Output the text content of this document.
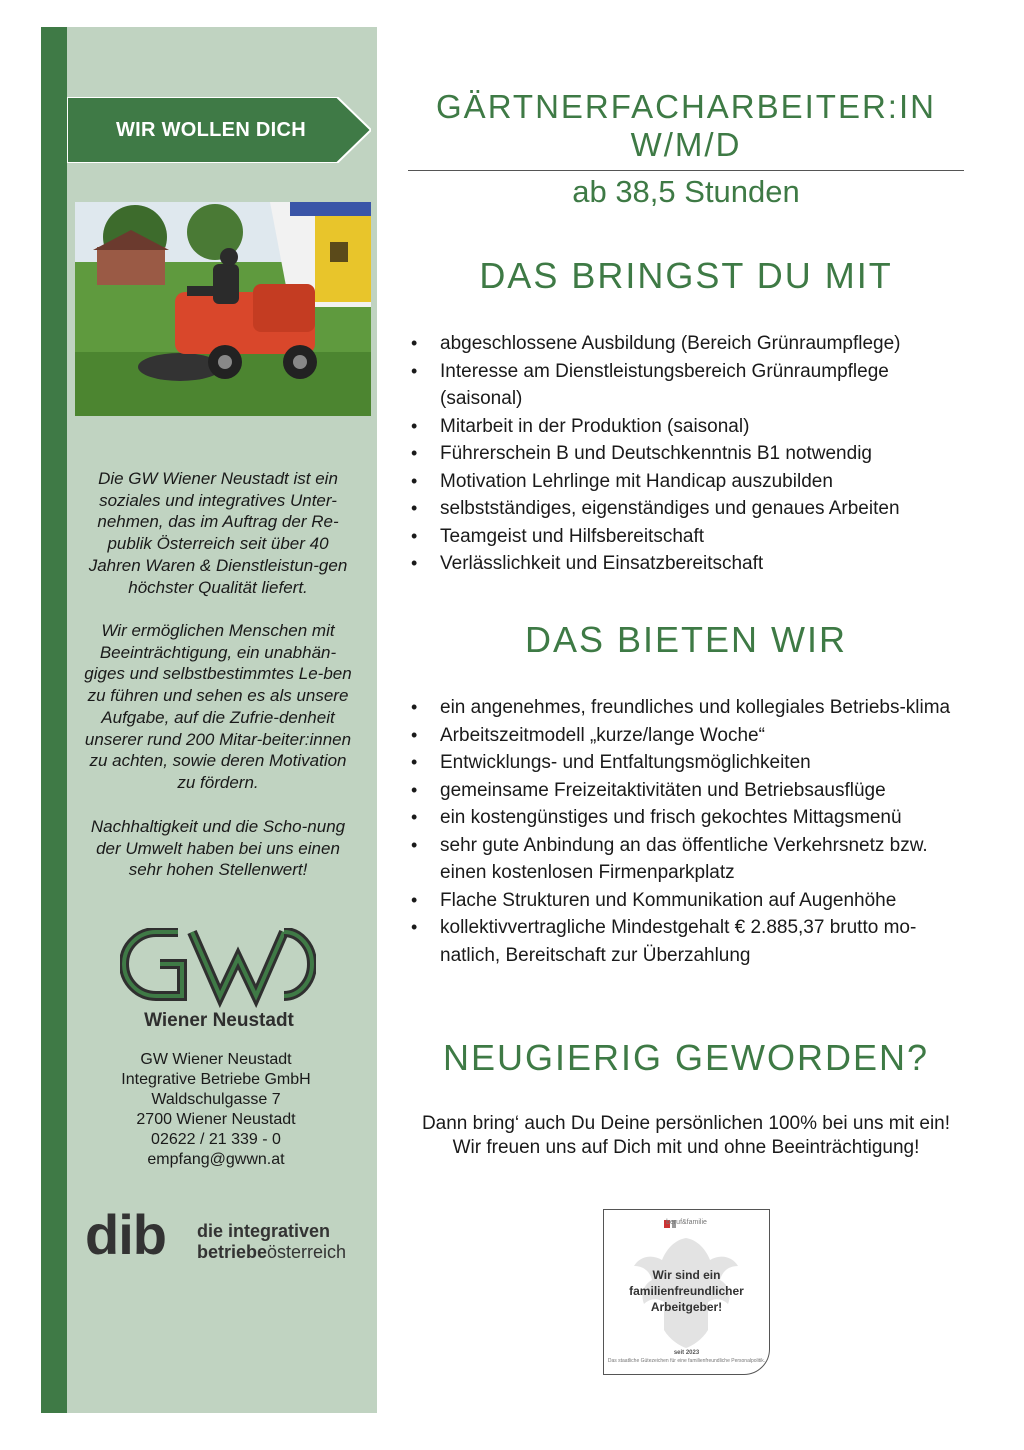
WIR WOLLEN DICH
Die GW Wiener Neustadt ist ein soziales und integratives Unter-nehmen, das im Auftrag der Re-publik Österreich seit über 40 Jahren Waren & Dienstleistun-gen höchster Qualität liefert.
Wir ermöglichen Menschen mit Beeinträchtigung, ein unabhän-giges und selbstbestimmtes Le-ben zu führen und sehen es als unsere Aufgabe, auf die Zufrie-denheit unserer rund 200 Mitar-beiter:innen zu achten, sowie deren Motivation zu fördern.
Nachhaltigkeit und die Scho-nung der Umwelt haben bei uns einen sehr hohen Stellenwert!
Wiener Neustadt
GW Wiener Neustadt
Integrative Betriebe GmbH
Waldschulgasse 7
2700 Wiener Neustadt
02622 / 21 339 - 0
empfang@gwwn.at
dib die integrativen
betriebeösterreich
GÄRTNERFACHARBEITER:IN
W/M/D
ab 38,5 Stunden
DAS BRINGST DU MIT
• abgeschlossene Ausbildung (Bereich Grünraumpflege)
• Interesse am Dienstleistungsbereich Grünraumpflege (saisonal)
• Mitarbeit in der Produktion (saisonal)
• Führerschein B und Deutschkenntnis B1 notwendig
• Motivation Lehrlinge mit Handicap auszubilden
• selbstständiges, eigenständiges und genaues Arbeiten
• Teamgeist und Hilfsbereitschaft
• Verlässlichkeit und Einsatzbereitschaft
DAS BIETEN WIR
• ein angenehmes, freundliches und kollegiales Betriebs-klima
• Arbeitszeitmodell „kurze/lange Woche“
• Entwicklungs- und Entfaltungsmöglichkeiten
• gemeinsame Freizeitaktivitäten und Betriebsausflüge
• ein kostengünstiges und frisch gekochtes Mittagsmenü
• sehr gute Anbindung an das öffentliche Verkehrsnetz bzw. einen kostenlosen Firmenparkplatz
• Flache Strukturen und Kommunikation auf Augenhöhe
• kollektivvertragliche Mindestgehalt € 2.885,37 brutto mo-natlich, Bereitschaft zur Überzahlung
NEUGIERIG GEWORDEN?
Dann bring‘ auch Du Deine persönlichen 100% bei uns mit ein!
Wir freuen uns auf Dich mit und ohne Beeinträchtigung!
beruf&familie
Wir sind ein familienfreundlicher Arbeitgeber!
seit 2023
Das staatliche Gütezeichen für eine familienfreundliche Personalpolitik.
